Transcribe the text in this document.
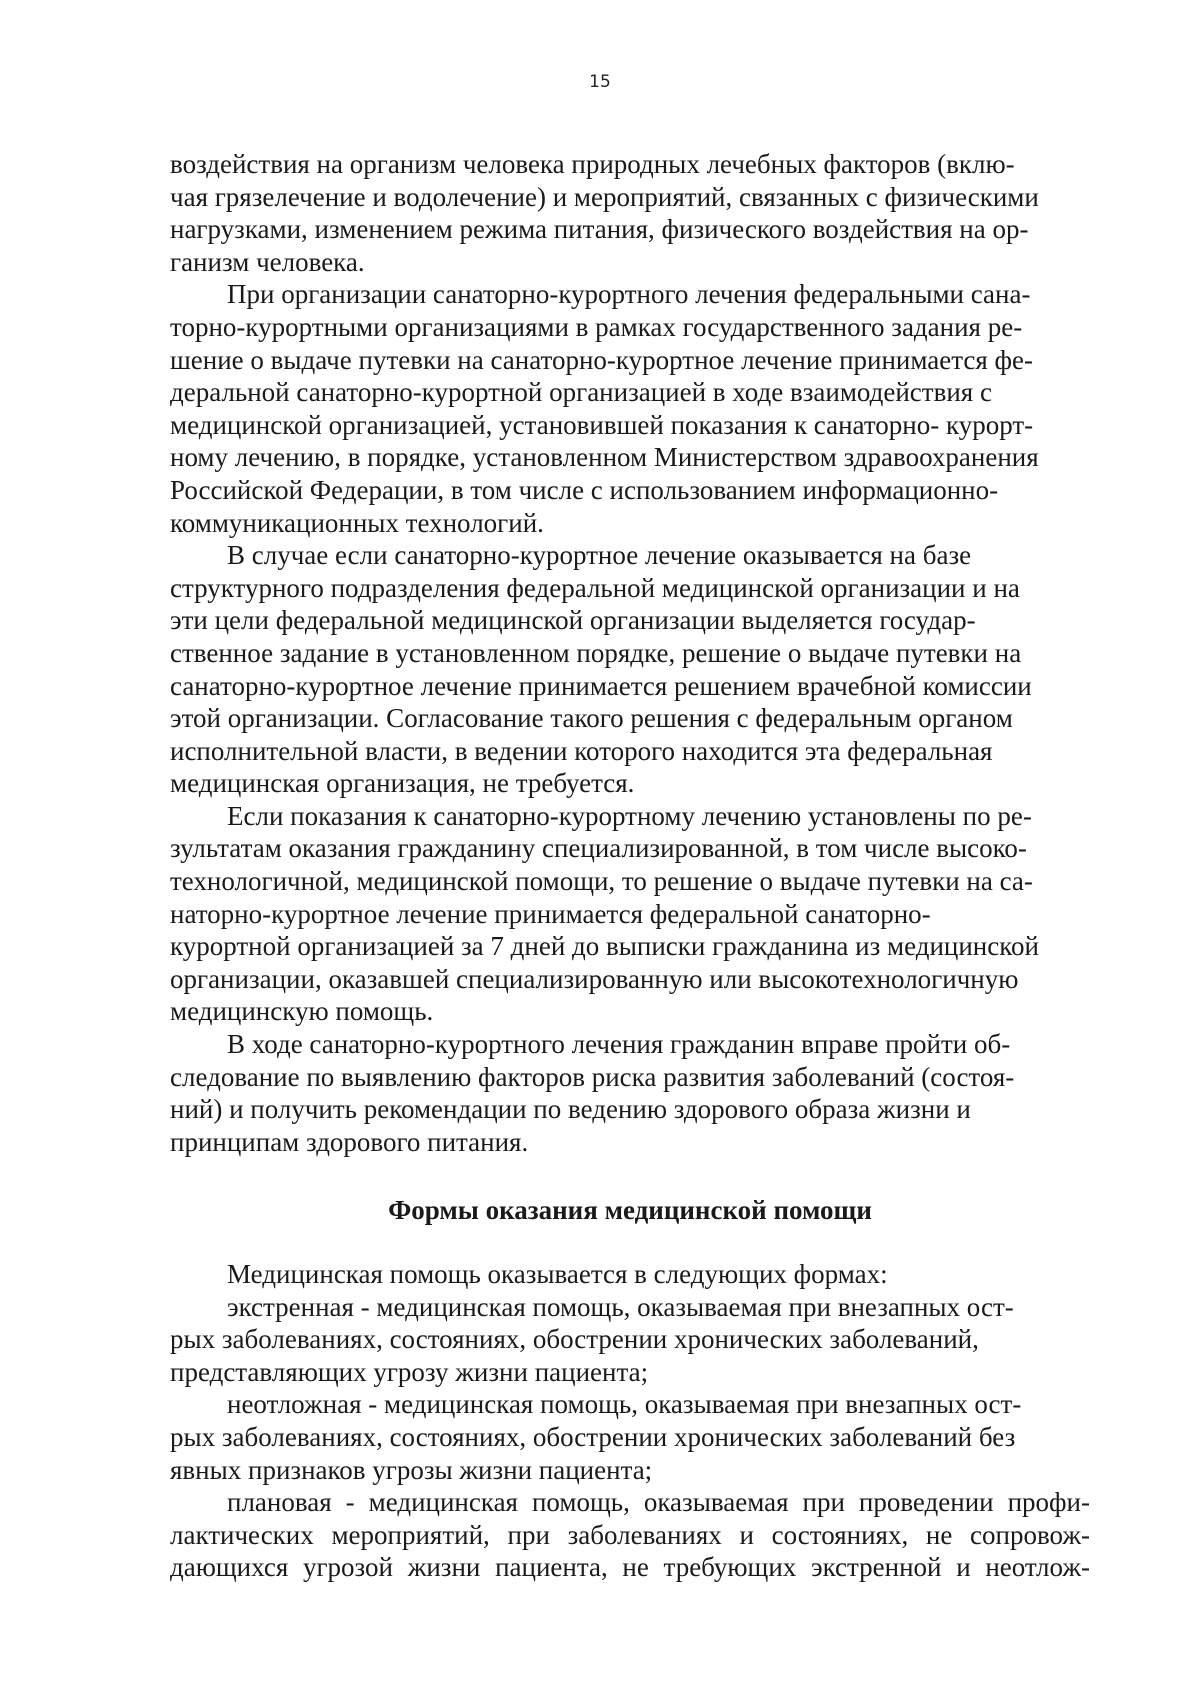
15

воздействия на организм человека природных лечебных факторов (вклю-
чая грязелечение и водолечение) и мероприятий, связанных с физическими
нагрузками, изменением режима питания, физического воздействия на ор-
ганизм человека.

При организации санаторно-курортного лечения федеральными сана-
торно-курортными организациями в рамках государственного задания ре-
шение о выдаче путевки на санаторно-курортное лечение принимается фе-
деральной санаторно-курортной организацией в ходе взаимодействия с
медицинской организацией, установившей показания к санаторно- курорт-
ному лечению, в порядке, установленном Министерством здравоохранения
Российской Федерации, в том числе с использованием информационно-
коммуникационных технологий.

В случае если санаторно-курортное лечение оказывается на базе
структурного подразделения федеральной медицинской организации и на
эти цели федеральной медицинской организации выделяется государ-
ственное задание в установленном порядке, решение о выдаче путевки на
санаторно-курортное лечение принимается решением врачебной комиссии
этой организации. Согласование такого решения с федеральным органом
исполнительной власти, в ведении которого находится эта федеральная
медицинская организация, не требуется.

Если показания к санаторно-курортному лечению установлены по ре-
зультатам оказания гражданину специализированной, в том числе высоко-
технологичной, медицинской помощи, то решение о выдаче путевки на са-
наторно-курортное лечение принимается федеральной санаторно-
курортной организацией за 7 дней до выписки гражданина из медицинской
организации, оказавшей специализированную или высокотехнологичную
медицинскую помощь.

В ходе санаторно-курортного лечения гражданин вправе пройти об-
следование по выявлению факторов риска развития заболеваний (состоя-
ний) и получить рекомендации по ведению здорового образа жизни и
принципам здорового питания.

Формы оказания медицинской помощи

Медицинская помощь оказывается в следующих формах:

экстренная - медицинская помощь, оказываемая при внезапных ост-
рых заболеваниях, состояниях, обострении хронических заболеваний,
представляющих угрозу жизни пациента;

неотложная - медицинская помощь, оказываемая при внезапных ост-
рых заболеваниях, состояниях, обострении хронических заболеваний без
явных признаков угрозы жизни пациента;

плановая - медицинская помощь, оказываемая при проведении профи-
лактических мероприятий, при заболеваниях и состояниях, не сопровож-
дающихся угрозой жизни пациента, не требующих экстренной и неотлож-
